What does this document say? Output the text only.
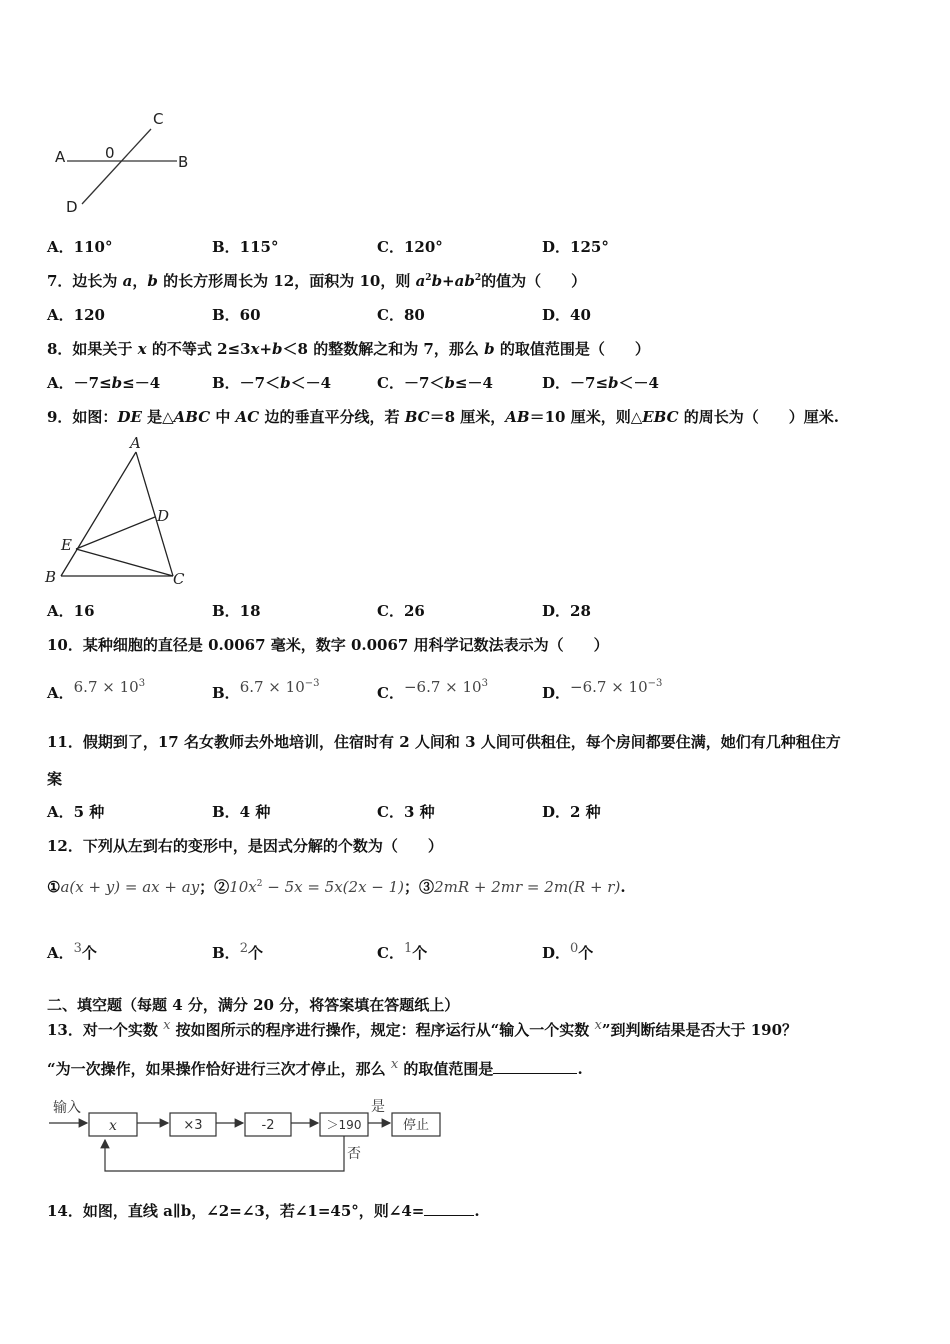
A	0	B
C
D
A．110°	B．115°	C．120°	D．125°
7．边长为 a，b 的长方形周长为 12，面积为 10，则 $a^2b+ab^2$的值为（　　）
A．120	B．60	C．80	D．40
8．如果关于 x 的不等式 2≤3x+b＜8 的整数解之和为 7，那么 b 的取值范围是（　　）
A．－7≤b≤－4	B．－7＜b＜－4	C．－7＜b≤－4	D．－7≤b＜－4
9．如图：DE 是△ABC 中 AC 边的垂直平分线，若 BC＝8 厘米，AB＝10 厘米，则△EBC 的周长为（　　）厘米.
A
B	C
D
E
A．16	B．18	C．26	D．28
10．某种细胞的直径是 0.0067 毫米，数字 0.0067 用科学记数法表示为（　　）
A．$6.7 \times 10^3$
B．$6.7 \times 10^{-3}$
C．$-6.7 \times 10^3$
D．$-6.7 \times 10^{-3}$
11．假期到了，17 名女教师去外地培训，住宿时有 2 人间和 3 人间可供租住，每个房间都要住满，她们有几种租住方
案
A．5 种	B．4 种	C．3 种	D．2 种
12．下列从左到右的变形中，是因式分解的个数为（　　）
①a(x + y) = ax + ay；$②10x^2 - 5x = 5x(2x - 1)$；③2mR + 2mr = 2m(R + r).
A．$^3$个	B．$^2$个	C．$^1$个	D．$^0$个
二、填空题（每题 4 分，满分 20 分，将答案填在答题纸上）
13．对一个实数 $^x$ 按如图所示的程序进行操作，规定：程序运行从“输入一个实数 $^x$”到判断结果是否大于 190？
“为一次操作，如果操作恰好进行三次才停止，那么 $^x$ 的取值范围是	.
输入
x	×3	-2	＞190
是
停止
否
14．如图，直线 a∥b，∠2=∠3，若∠1=45°，则∠4=	.
